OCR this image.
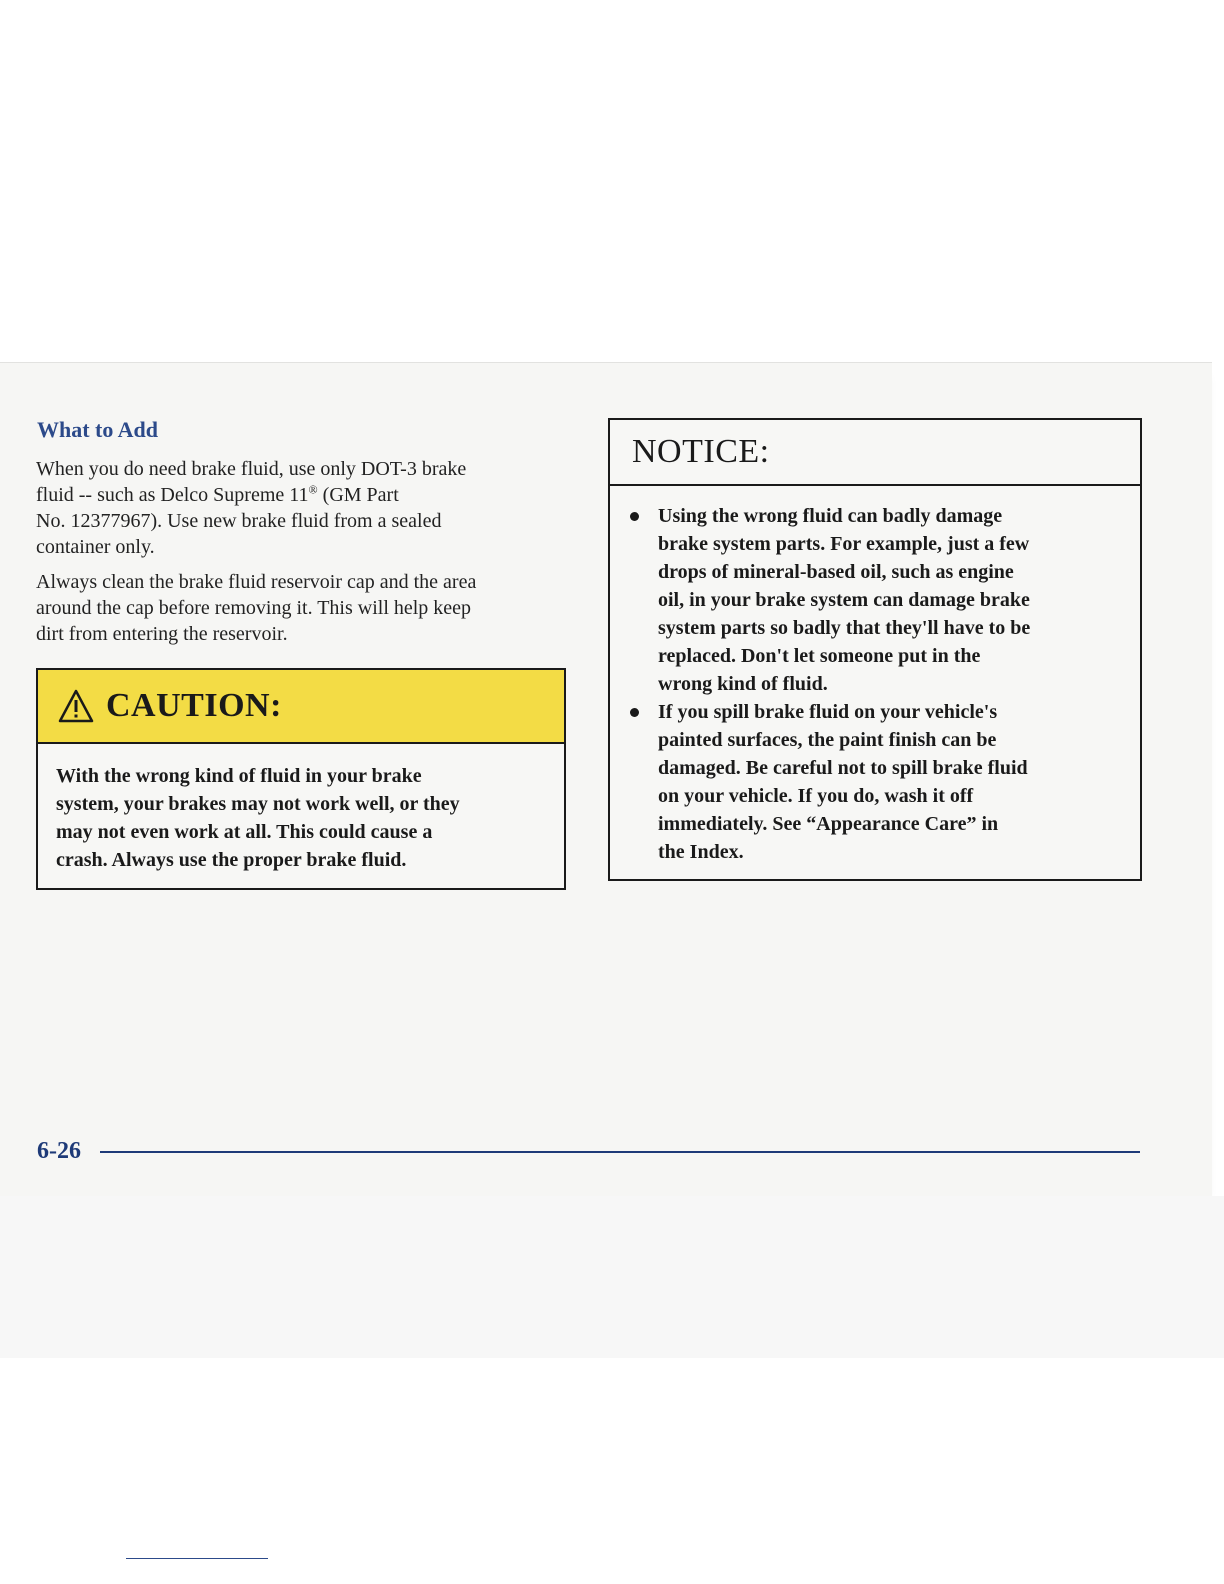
What to Add

When you do need brake fluid, use only DOT-3 brake
fluid -- such as Delco Supreme 11® (GM Part
No. 12377967). Use new brake fluid from a sealed
container only.

Always clean the brake fluid reservoir cap and the area
around the cap before removing it. This will help keep
dirt from entering the reservoir.

CAUTION:
With the wrong kind of fluid in your brake
system, your brakes may not work well, or they
may not even work at all. This could cause a
crash. Always use the proper brake fluid.
NOTICE:
Using the wrong fluid can badly damage
brake system parts. For example, just a few
drops of mineral-based oil, such as engine
oil, in your brake system can damage brake
system parts so badly that they'll have to be
replaced. Don't let someone put in the
wrong kind of fluid.
If you spill brake fluid on your vehicle's
painted surfaces, the paint finish can be
damaged. Be careful not to spill brake fluid
on your vehicle. If you do, wash it off
immediately. See “Appearance Care” in
the Index.
6-26
